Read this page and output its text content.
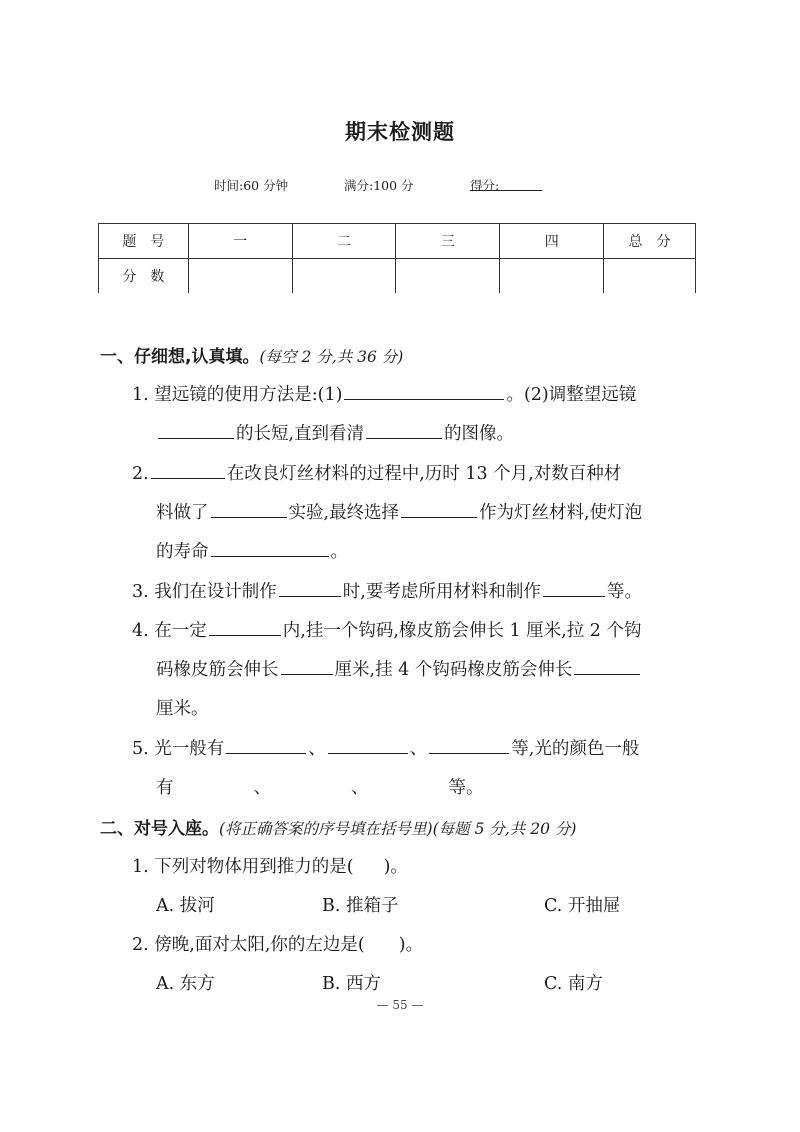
期末检测题
时间:60 分钟	满分:100 分	得分:
题　号	一	二	三	四	总　分
分　数					
一、仔细想,认真填。(每空 2 分,共 36 分)
1. 望远镜的使用方法是:(1)	。(2)调整望远镜
的长短,直到看清	的图像。
2.	在改良灯丝材料的过程中,历时 13 个月,对数百种材
料做了	实验,最终选择	作为灯丝材料,使灯泡
的寿命	。
3. 我们在设计制作	时,要考虑所用材料和制作	等。
4. 在一定	内,挂一个钩码,橡皮筋会伸长 1 厘米,拉 2 个钩
码橡皮筋会伸长	厘米,挂 4 个钩码橡皮筋会伸长
厘米。
5. 光一般有	、	、	等,光的颜色一般
有	、	、	等。
二、对号入座。(将正确答案的序号填在括号里)(每题 5 分,共 20 分)
1. 下列对物体用到推力的是( )。
A. 拔河	B. 推箱子	C. 开抽屉
2. 傍晚,面对太阳,你的左边是( )。
A. 东方	B. 西方	C. 南方
— 55 —
